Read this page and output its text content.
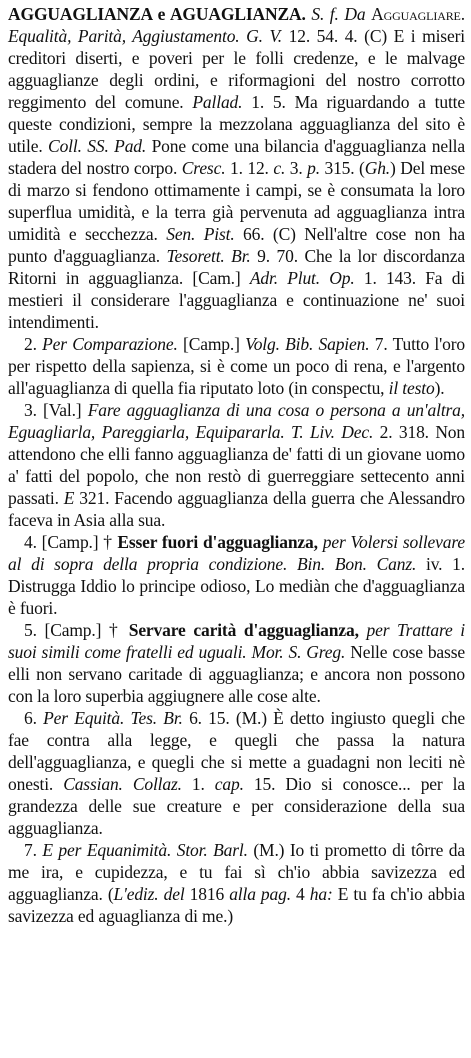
AGGUAGLIANZA e AGUAGLIANZA. S. f. Da Agguagliare. Equalità, Parità, Aggiustamento. G. V. 12. 54. 4. (C) E i miseri creditori diserti, e poveri per le folli credenze, e le malvage agguaglianze degli ordini, e riformagioni del nostro corrotto reggimento del comune. Pallad. 1. 5. Ma riguardando a tutte queste condizioni, sempre la mezzolana agguaglianza del sito è utile. Coll. SS. Pad. Pone come una bilancia d'agguaglianza nella stadera del nostro corpo. Cresc. 1. 12. c. 3. p. 315. (Gh.) Del mese di marzo si fendono ottimamente i campi, se è consumata la loro superflua umidità, e la terra già pervenuta ad agguaglianza intra umidità e secchezza. Sen. Pist. 66. (C) Nell'altre cose non ha punto d'agguaglianza. Tesorett. Br. 9. 70. Che la lor discordanza Ritorni in agguaglianza. [Cam.] Adr. Plut. Op. 1. 143. Fa di mestieri il considerare l'agguaglianza e continuazione ne' suoi intendimenti.

2. Per Comparazione. [Camp.] Volg. Bib. Sapien. 7. Tutto l'oro per rispetto della sapienza, si è come un poco di rena, e l'argento all'aguaglianza di quella fia riputato loto (in conspectu, il testo).

3. [Val.] Fare agguaglianza di una cosa o persona a un'altra, Eguagliarla, Pareggiarla, Equipararla. T. Liv. Dec. 2. 318. Non attendono che elli fanno agguaglianza de' fatti di un giovane uomo a' fatti del popolo, che non restò di guerreggiare settecento anni passati. E 321. Facendo agguaglianza della guerra che Alessandro faceva in Asia alla sua.

4. [Camp.] † Esser fuori d'agguaglianza, per Volersi sollevare al di sopra della propria condizione. Bin. Bon. Canz. iv. 1. Distrugga Iddio lo principe odioso, Lo mediàn che d'agguaglianza è fuori.

5. [Camp.] † Servare carità d'agguaglianza, per Trattare i suoi simili come fratelli ed uguali. Mor. S. Greg. Nelle cose basse elli non servano caritade di agguaglianza; e ancora non possono con la loro superbia aggiugnere alle cose alte.

6. Per Equità. Tes. Br. 6. 15. (M.) È detto ingiusto quegli che fae contra alla legge, e quegli che passa la natura dell'agguaglianza, e quegli che si mette a guadagni non leciti nè onesti. Cassian. Collaz. 1. cap. 15. Dio si conosce... per la grandezza delle sue creature e per considerazione della sua agguaglianza.

7. E per Equanimità. Stor. Barl. (M.) Io ti prometto di tôrre da me ira, e cupidezza, e tu fai sì ch'io abbia savizezza ed agguaglianza. (L'ediz. del 1816 alla pag. 4 ha: E tu fa ch'io abbia savizezza ed aguaglianza di me.)
